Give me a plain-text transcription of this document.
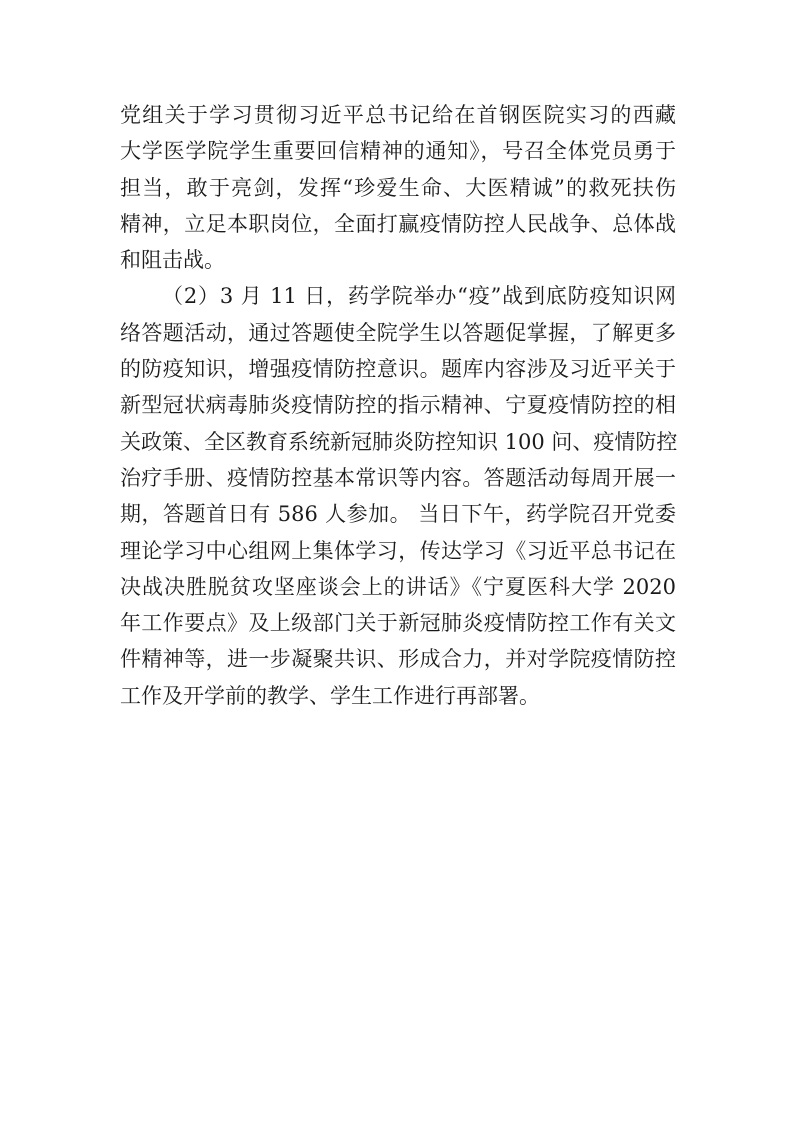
党组关于学习贯彻习近平总书记给在首钢医院实习的西藏
大学医学院学生重要回信精神的通知》，号召全体党员勇于
担当，敢于亮剑，发挥“珍爱生命、大医精诚”的救死扶伤
精神，立足本职岗位，全面打赢疫情防控人民战争、总体战
和阻击战。
（2）3 月 11 日，药学院举办“疫”战到底防疫知识网
络答题活动，通过答题使全院学生以答题促掌握，了解更多
的防疫知识，增强疫情防控意识。题库内容涉及习近平关于
新型冠状病毒肺炎疫情防控的指示精神、宁夏疫情防控的相
关政策、全区教育系统新冠肺炎防控知识 100 问、疫情防控
治疗手册、疫情防控基本常识等内容。答题活动每周开展一
期，答题首日有 586 人参加。 当日下午，药学院召开党委
理论学习中心组网上集体学习，传达学习《习近平总书记在
决战决胜脱贫攻坚座谈会上的讲话》《宁夏医科大学 2020
年工作要点》及上级部门关于新冠肺炎疫情防控工作有关文
件精神等，进一步凝聚共识、形成合力，并对学院疫情防控
工作及开学前的教学、学生工作进行再部署。
